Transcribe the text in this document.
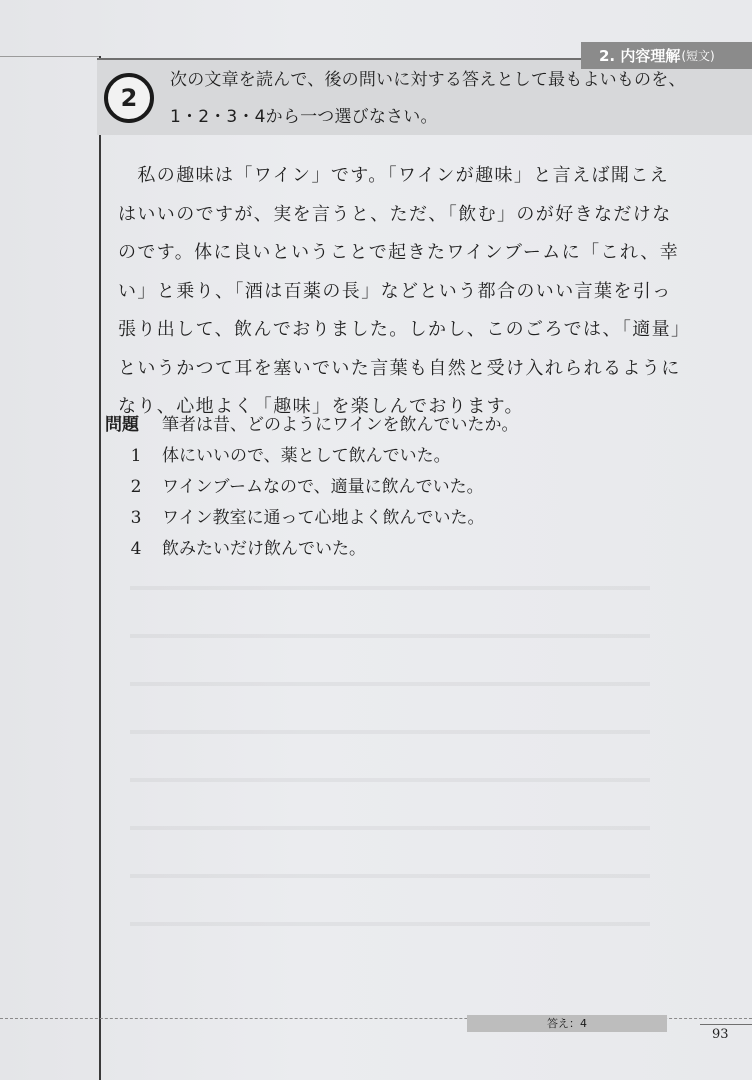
2. 内容理解 (短文)
2
次の文章を読んで、後の問いに対する答えとして最もよいものを、
1・2・3・4から一つ選びなさい。
　私の趣味は「ワイン」です。「ワインが趣味」と言えば聞こえ
はいいのですが、実を言うと、ただ、「飲む」のが好きなだけな
のです。体に良いということで起きたワインブームに「これ、幸
い」と乗り、「酒は百薬の長」などという都合のいい言葉を引っ
張り出して、飲んでおりました。しかし、このごろでは、「適量」
というかつて耳を塞いでいた言葉も自然と受け入れられるように
なり、心地よく「趣味」を楽しんでおります。
問題 筆者は昔、どのようにワインを飲んでいたか。
1 体にいいので、薬として飲んでいた。
2 ワインブームなので、適量に飲んでいた。
3 ワイン教室に通って心地よく飲んでいた。
4 飲みたいだけ飲んでいた。
答え：4
93
